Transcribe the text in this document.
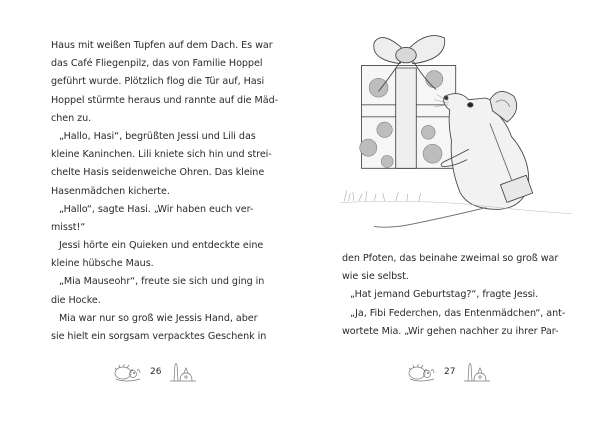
Haus mit weißen Tupfen auf dem Dach. Es war
das Café Fliegenpilz, das von Familie Hoppel
geführt wurde. Plötzlich flog die Tür auf, Hasi
Hoppel stürmte heraus und rannte auf die Mäd-
chen zu.
„Hallo, Hasi“, begrüßten Jessi und Lili das
kleine Kaninchen. Lili kniete sich hin und strei-
chelte Hasis seidenweiche Ohren. Das kleine
Hasenmädchen kicherte.
„Hallo“, sagte Hasi. „Wir haben euch ver-
misst!“
Jessi hörte ein Quieken und entdeckte eine
kleine hübsche Maus.
„Mia Mauseohr“, freute sie sich und ging in
die Hocke.
Mia war nur so groß wie Jessis Hand, aber
sie hielt ein sorgsam verpacktes Geschenk in
26
den Pfoten, das beinahe zweimal so groß war
wie sie selbst.
„Hat jemand Geburtstag?“, fragte Jessi.
„Ja, Fibi Federchen, das Entenmädchen“, ant-
wortete Mia. „Wir gehen nachher zu ihrer Par-
27
